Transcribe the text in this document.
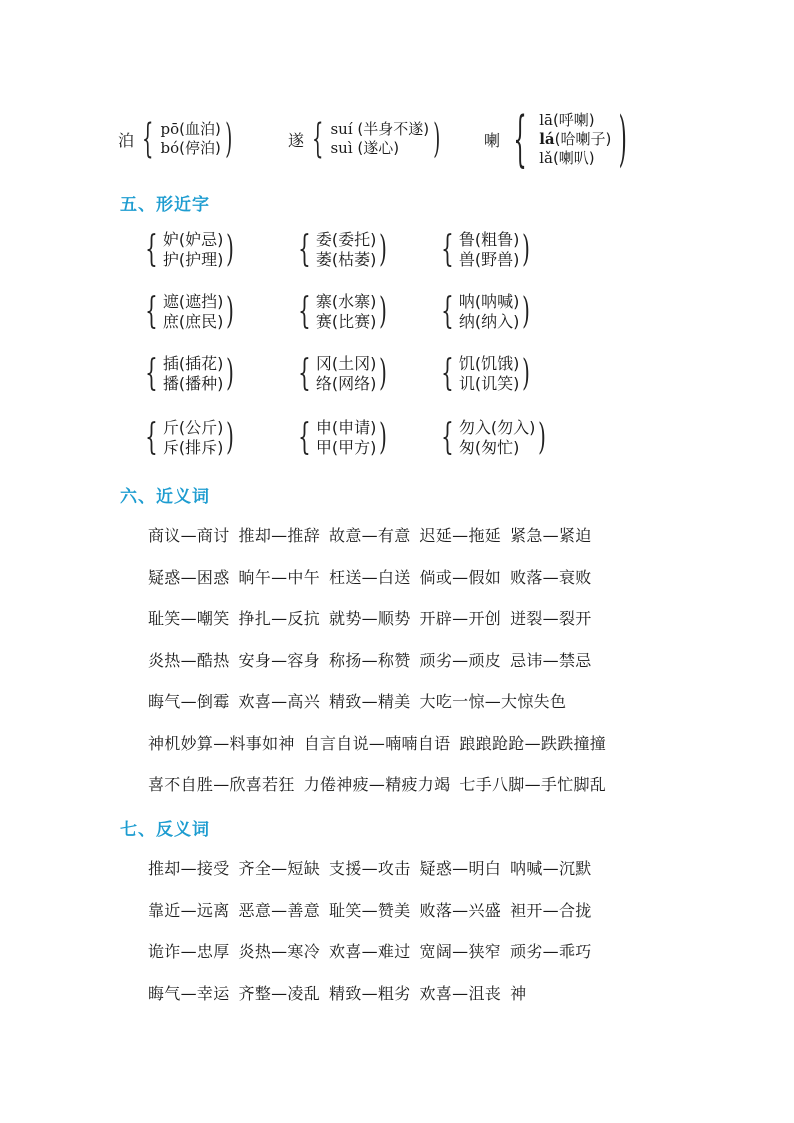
泊 { pō(血泊)
bó(停泊) )	遂 { suí (半身不遂)
suì (遂心) )	喇 { lā(呼喇)
lá(哈喇子)
lǎ(喇叭) )
五、形近字
{ 妒(妒忌)
护(护理) ) { 委(委托)
萎(枯萎) ) { 鲁(粗鲁)
兽(野兽) )
{ 遮(遮挡)
庶(庶民) ) { 寨(水寨)
赛(比赛) ) { 呐(呐喊)
纳(纳入) )
{ 插(插花)
播(播种) ) { 冈(土冈)
络(网络) ) { 饥(饥饿)
讥(讥笑) )
{ 斤(公斤)
斥(排斥) ) { 申(申请)
甲(甲方) ) { 勿入(勿入)
匆(匆忙) )
六、近义词
商议—商讨 推却—推辞 故意—有意 迟延—拖延 紧急—紧迫
疑惑—困惑 晌午—中午 枉送—白送 倘或—假如 败落—衰败
耻笑—嘲笑 挣扎—反抗 就势—顺势 开辟—开创 迸裂—裂开
炎热—酷热 安身—容身 称扬—称赞 顽劣—顽皮 忌讳—禁忌
晦气—倒霉 欢喜—高兴 精致—精美 大吃一惊—大惊失色
神机妙算—料事如神 自言自说—喃喃自语 踉踉跄跄—跌跌撞撞
喜不自胜—欣喜若狂 力倦神疲—精疲力竭 七手八脚—手忙脚乱
七、反义词
推却—接受 齐全—短缺 支援—攻击 疑惑—明白 呐喊—沉默
靠近—远离 恶意—善意 耻笑—赞美 败落—兴盛 袒开—合拢
诡诈—忠厚 炎热—寒冷 欢喜—难过 宽阔—狭窄 顽劣—乖巧
晦气—幸运 齐整—凌乱 精致—粗劣 欢喜—沮丧 神
